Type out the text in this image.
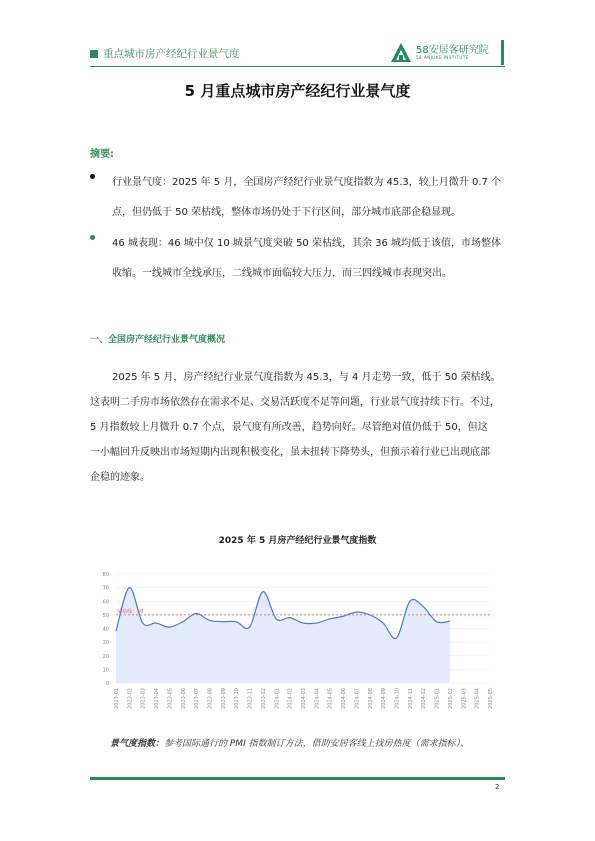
重点城市房产经纪行业景气度	58安居客研究院
58 ANJUKE INSTITUTE
5 月重点城市房产经纪行业景气度
摘要:
行业景气度：2025 年 5 月，全国房产经纪行业景气度指数为 45.3，较上月微升 0.7 个
点，但仍低于 50 荣枯线，整体市场仍处于下行区间，部分城市底部企稳显现。
46 城表现：46 城中仅 10 城景气度突破 50 荣枯线，其余 36 城均低于该值，市场整体
收缩。一线城市全线承压，二线城市面临较大压力，而三四线城市表现突出。
一、全国房产经纪行业景气度概况
2025 年 5 月，房产经纪行业景气度指数为 45.3，与 4 月走势一致，低于 50 荣枯线。
这表明二手房市场依然存在需求不足、交易活跃度不足等问题，行业景气度持续下行。不过，
5 月指数较上月微升 0.7 个点，景气度有所改善，趋势向好。尽管绝对值仍低于 50，但这
一小幅回升反映出市场短期内出现积极变化，虽未扭转下降势头，但预示着行业已出现底部
企稳的迹象。
2025 年 5 月房产经纪行业景气度指数
0
10
20
30
40
50
60
70
80
荣枯线：50
2023-01 2023-02 2023-03 2023-04 2023-05 2023-06 2023-07 2023-08 2023-09 2023-10 2023-11 2023-12 2024-01 2024-02 2024-03 2024-04 2024-05 2024-06 2024-07 2024-08 2024-09 2024-10 2024-11 2024-12 2025-01 2025-02 2025-03 2025-04 2025-05
景气度指数：参考国际通行的 PMI 指数制订方法，借助安居客线上找房热度（需求指标）、
2
